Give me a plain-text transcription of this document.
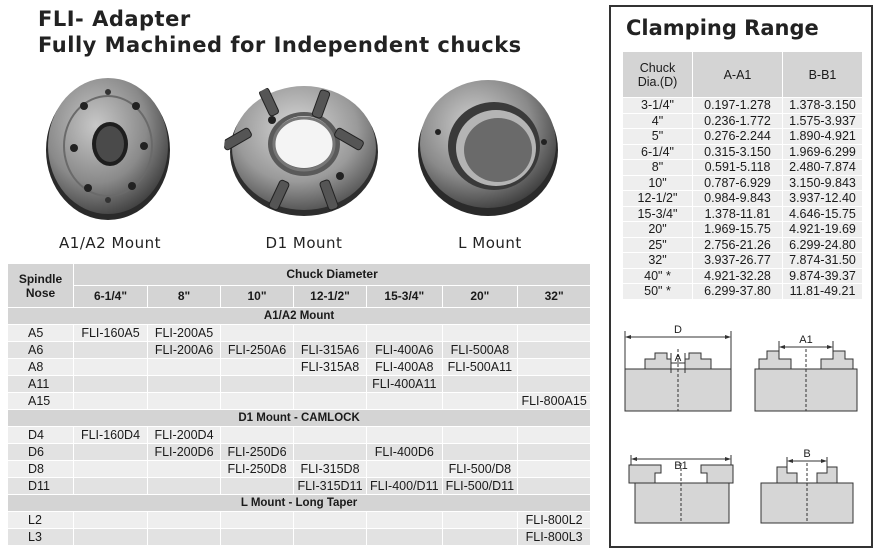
FLI- Adapter
Fully Machined for Independent chucks
A1/A2 Mount	D1 Mount	L Mount
Spindle Nose	Chuck Diameter						
	6-1/4"	8"	10"	12-1/2"	15-3/4"	20"	32"
A1/A2 Mount							
A5	FLI-160A5	FLI-200A5					
A6		FLI-200A6	FLI-250A6	FLI-315A6	FLI-400A6	FLI-500A8	
A8				FLI-315A8	FLI-400A8	FLI-500A11	
A11					FLI-400A11		
A15							FLI-800A15
D1 Mount - CAMLOCK							
D4	FLI-160D4	FLI-200D4					
D6		FLI-200D6	FLI-250D6		FLI-400D6		
D8			FLI-250D8	FLI-315D8		FLI-500/D8	
D11				FLI-315D11	FLI-400/D11	FLI-500/D11	
L Mount - Long Taper							
L2							FLI-800L2
L3							FLI-800L3
Clamping Range
Chuck
Dia.(D)	A-A1	B-B1
3-1/4"	0.197-1.278	1.378-3.150
4"	0.236-1.772	1.575-3.937
5"	0.276-2.244	1.890-4.921
6-1/4"	0.315-3.150	1.969-6.299
8"	0.591-5.118	2.480-7.874
10"	0.787-6.929	3.150-9.843
12-1/2"	0.984-9.843	3.937-12.40
15-3/4"	1.378-11.81	4.646-15.75
20"	1.969-15.75	4.921-19.69
25"	2.756-21.26	6.299-24.80
32"	3.937-26.77	7.874-31.50
40" *	4.921-32.28	9.874-39.37
50" *	6.299-37.80	11.81-49.21
D
A
A1
B1
B
